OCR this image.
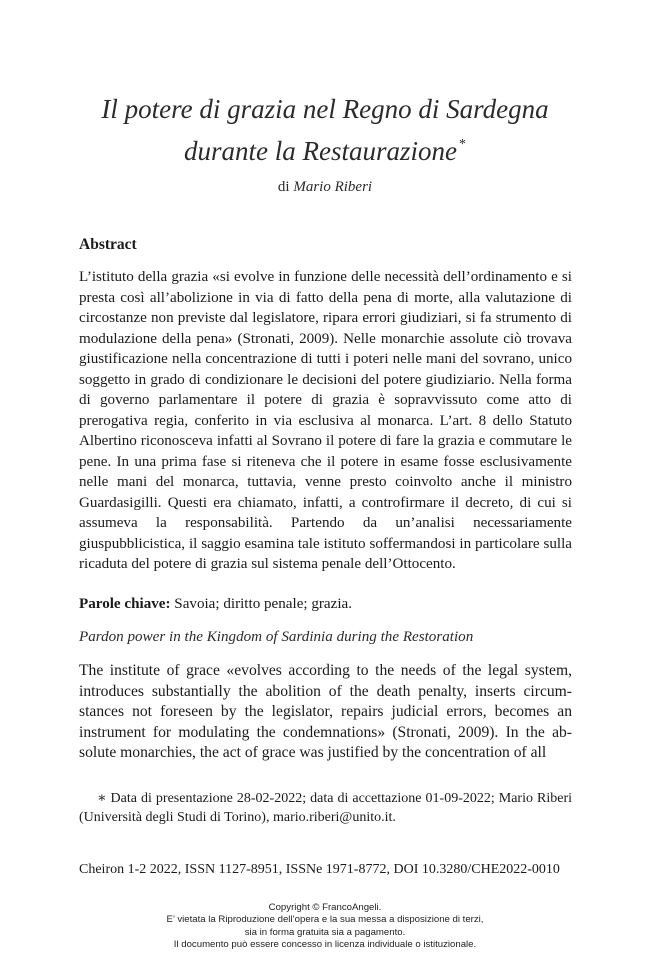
Il potere di grazia nel Regno di Sardegna
durante la Restaurazione *
di Mario Riberi
Abstract
L’istituto della grazia «si evolve in funzione delle necessità dell’ordinamento e si presta così all’abolizione in via di fatto della pena di morte, alla valutazione di circostanze non previste dal legislatore, ripara errori giudiziari, si fa strumento di modulazione della pena» (Stronati, 2009). Nelle monarchie assolute ciò trovava giustificazione nella concentrazione di tutti i poteri nelle mani del sovrano, unico soggetto in grado di condizionare le decisioni del potere giudiziario. Nella forma di governo parlamentare il potere di grazia è sopravvissuto come atto di prerogativa regia, conferito in via esclusiva al monarca. L’art. 8 dello Statuto Albertino riconosceva infatti al Sovrano il potere di fare la grazia e commutare le pene. In una prima fase si riteneva che il potere in esame fosse esclusivamente nelle mani del monarca, tuttavia, venne presto coinvolto anche il ministro Guardasigilli. Questi era chiamato, infatti, a controfirmare il decreto, di cui si assumeva la responsabilità. Partendo da un’analisi necessariamente giuspubblicistica, il saggio esamina tale istituto soffermandosi in particolare sulla ricaduta del potere di grazia sul sistema penale dell’Ottocento.
Parole chiave: Savoia; diritto penale; grazia.
Pardon power in the Kingdom of Sardinia during the Restoration
The institute of grace «evolves according to the needs of the legal system, introduces substantially the abolition of the death penalty, inserts circumstances not foreseen by the legislator, repairs judicial errors, becomes an instrument for modulating the condemnations» (Stronati, 2009). In the absolute monarchies, the act of grace was justified by the concentration of all
∗ Data di presentazione 28-02-2022; data di accettazione 01-09-2022; Mario Riberi (Università degli Studi di Torino), mario.riberi@unito.it.
Cheiron 1-2 2022, ISSN 1127-8951, ISSNe 1971-8772, DOI 10.3280/CHE2022-0010
Copyright © FrancoAngeli.
E’ vietata la Riproduzione dell’opera e la sua messa a disposizione di terzi,
sia in forma gratuita sia a pagamento.
Il documento può essere concesso in licenza individuale o istituzionale.
